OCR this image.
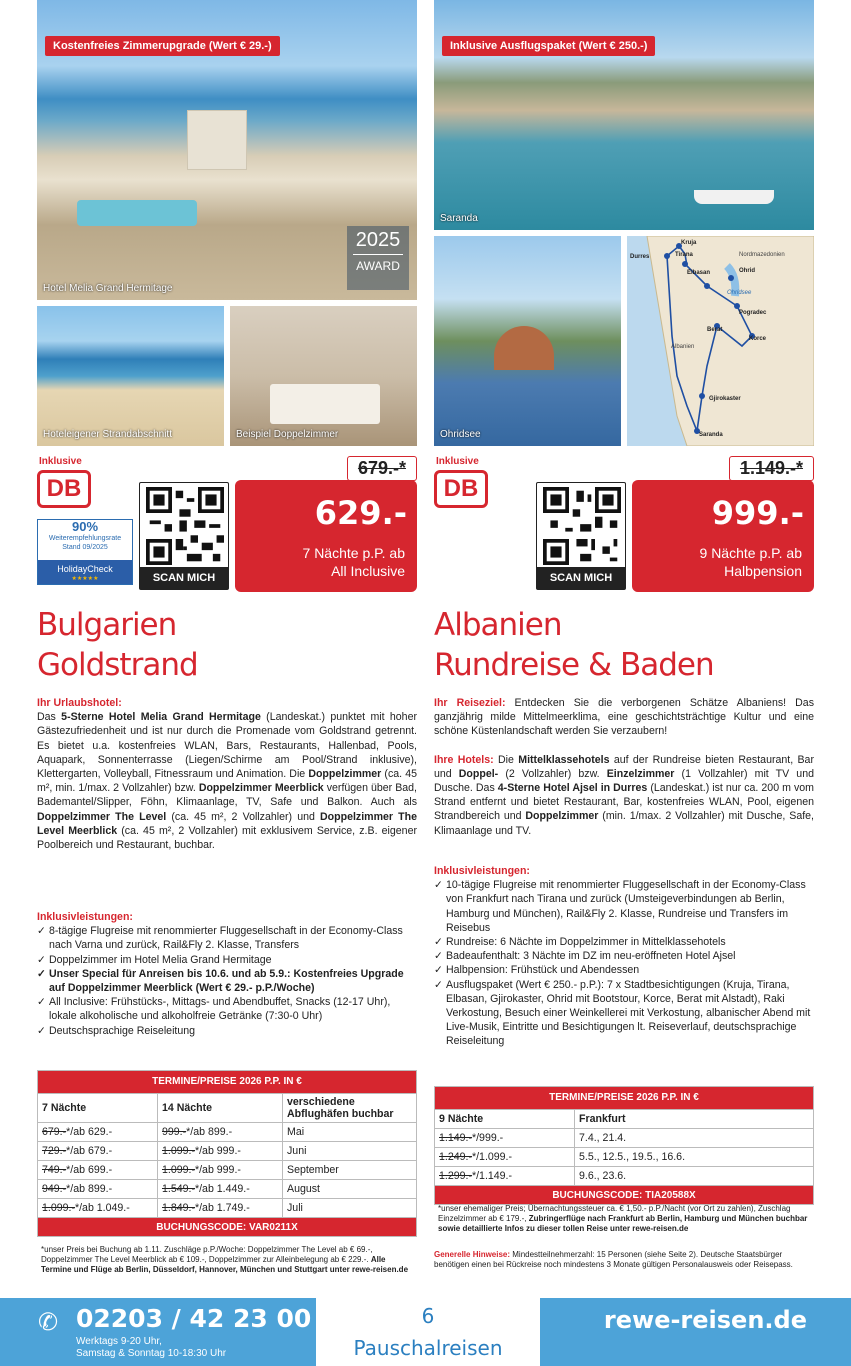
Kostenfreies Zimmerupgrade (Wert € 29.-)
2025
AWARD
Hotel Melia Grand Hermitage
Hoteleigener Strandabschnitt	Beispiel Doppelzimmer
Inklusive
DB
90%
Weiterempfehlungsrate
Stand 09/2025
HolidayCheck
★★★★★	SCAN MICH
679.-*
629.-
7 Nächte p.P. ab
All Inclusive
Bulgarien
Goldstrand
Ihr Urlaubshotel:
Das 5-Sterne Hotel Melia Grand Hermitage (Landeskat.) punktet mit hoher Gästezufriedenheit und ist nur durch die Promenade vom Goldstrand getrennt. Es bietet u.a. kostenfreies WLAN, Bars, Restaurants, Hallenbad, Pools, Aquapark, Sonnenterrasse (Liegen/Schirme am Pool/Strand inklusive), Klettergarten, Volleyball, Fitnessraum und Animation. Die Doppelzimmer (ca. 45 m², min. 1/max. 2 Vollzahler) bzw. Doppelzimmer Meerblick verfügen über Bad, Bademantel/Slipper, Föhn, Klimaanlage, TV, Safe und Balkon. Auch als Doppelzimmer The Level (ca. 45 m², 2 Vollzahler) und Doppelzimmer The Level Meerblick (ca. 45 m², 2 Vollzahler) mit exklusivem Service, z.B. eigener Poolbereich und Restaurant, buchbar.
Inklusivleistungen:
✓ 8-tägige Flugreise mit renommierter Fluggesellschaft in der Economy-Class nach Varna und zurück, Rail&Fly 2. Klasse, Transfers
✓ Doppelzimmer im Hotel Melia Grand Hermitage
✓ Unser Special für Anreisen bis 10.6. und ab 5.9.: Kostenfreies Upgrade auf Doppelzimmer Meerblick (Wert € 29.- p.P./Woche)
✓ All Inclusive: Frühstücks-, Mittags- und Abendbuffet, Snacks (12-17 Uhr), lokale alkoholische und alkoholfreie Getränke (7:30-0 Uhr)
✓ Deutschsprachige Reiseleitung
TERMINE/PREISE 2026 P.P. IN €		
7 Nächte	14 Nächte	verschiedene Abflughäfen buchbar
679.-*/ab 629.-	999.-*/ab 899.-	Mai
729.-*/ab 679.-	1.099.-*/ab 999.-	Juni
749.-*/ab 699.-	1.099.-*/ab 999.-	September
949.-*/ab 899.-	1.549.-*/ab 1.449.-	August
1.099.-*/ab 1.049.-	1.849.-*/ab 1.749.-	Juli
BUCHUNGSCODE: VAR0211X		
*unser Preis bei Buchung ab 1.11. Zuschläge p.P./Woche: Doppelzimmer The Level ab € 69.-, Doppelzimmer The Level Meerblick ab € 109.-, Doppelzimmer zur Alleinbelegung ab € 229.-. Alle Termine und Flüge ab Berlin, Düsseldorf, Hannover, München und Stuttgart unter rewe-reisen.de
Inklusive Ausflugspaket (Wert € 250.-)
Saranda
Ohridsee
Kruja
Durres	Tirana
Elbasan	Ohrid
Pogradec
Berat
Korce
Gjirokaster
Saranda
Nordmazedonien
Albanien
Ohridsee
Inklusive
DB
SCAN MICH
1.149.-*
999.-
9 Nächte p.P. ab
Halbpension
Albanien
Rundreise & Baden
Ihr Reiseziel: Entdecken Sie die verborgenen Schätze Albaniens! Das ganzjährig milde Mittelmeerklima, eine geschichtsträchtige Kultur und eine schöne Küstenlandschaft werden Sie verzaubern!
Ihre Hotels: Die Mittelklassehotels auf der Rundreise bieten Restaurant, Bar und Doppel- (2 Vollzahler) bzw. Einzelzimmer (1 Vollzahler) mit TV und Dusche. Das 4-Sterne Hotel Ajsel in Durres (Landeskat.) ist nur ca. 200 m vom Strand entfernt und bietet Restaurant, Bar, kostenfreies WLAN, Pool, eigenen Strandbereich und Doppelzimmer (min. 1/max. 2 Vollzahler) mit Dusche, Safe, Klimaanlage und TV.
Inklusivleistungen:
✓ 10-tägige Flugreise mit renommierter Fluggesellschaft in der Economy-Class von Frankfurt nach Tirana und zurück (Umsteigeverbindungen ab Berlin, Hamburg und München), Rail&Fly 2. Klasse, Rundreise und Transfers im Reisebus
✓ Rundreise: 6 Nächte im Doppelzimmer in Mittelklassehotels
✓ Badeaufenthalt: 3 Nächte im DZ im neu-eröffneten Hotel Ajsel
✓ Halbpension: Frühstück und Abendessen
✓ Ausflugspaket (Wert € 250.- p.P.): 7 x Stadtbesichtigungen (Kruja, Tirana, Elbasan, Gjirokaster, Ohrid mit Bootstour, Korce, Berat mit Alstadt), Raki Verkostung, Besuch einer Weinkellerei mit Verkostung, albanischer Abend mit Live-Musik, Eintritte und Besichtigungen lt. Reiseverlauf, deutschsprachige Reiseleitung
TERMINE/PREISE 2026 P.P. IN €	
9 Nächte	Frankfurt
1.149.-*/999.-	7.4., 21.4.
1.249.-*/1.099.-	5.5., 12.5., 19.5., 16.6.
1.299.-*/1.149.-	9.6., 23.6.
BUCHUNGSCODE: TIA20588X	
*unser ehemaliger Preis; Übernachtungssteuer ca. € 1,50.- p.P./Nacht (vor Ort zu zahlen), Zuschlag Einzelzimmer ab € 179.-, Zubringerflüge nach Frankfurt ab Berlin, Hamburg und München buchbar sowie detaillierte Infos zu dieser tollen Reise unter rewe-reisen.de
Generelle Hinweise: Mindestteilnehmerzahl: 15 Personen (siehe Seite 2). Deutsche Staatsbürger benötigen einen bei Rückreise noch mindestens 3 Monate gültigen Personalausweis oder Reisepass.
✆ 02203 / 42 23 00
Werktags 9-20 Uhr,
Samstag & Sonntag 10-18:30 Uhr
6
Pauschalreisen
rewe-reisen.de
